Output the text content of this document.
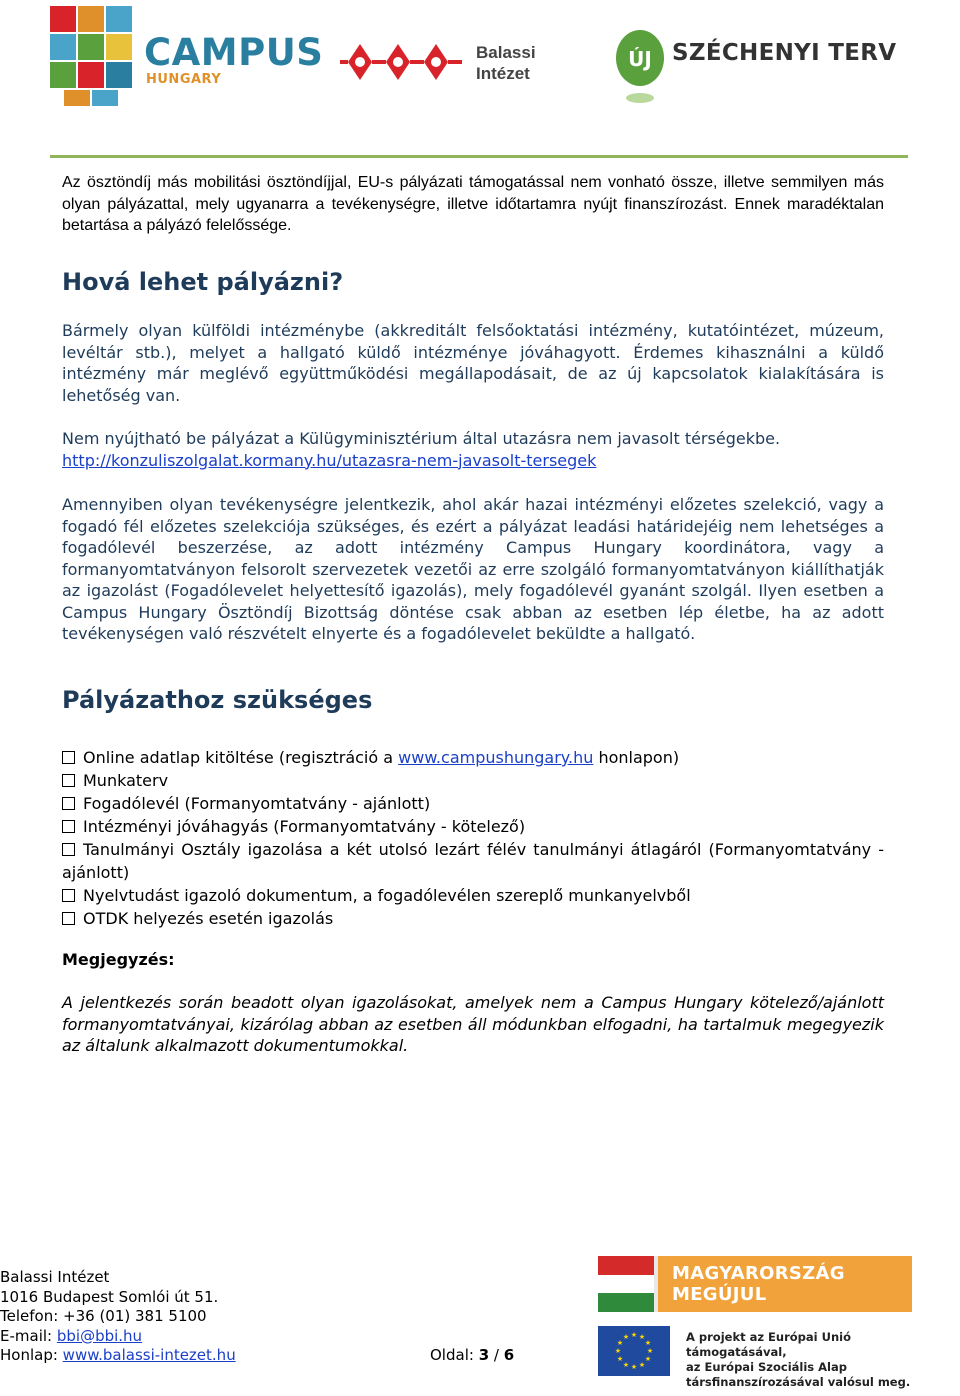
CAMPUS
HUNGARY
Balassi
Intézet
ÚJ SZÉCHENYI TERV

Az ösztöndíj más mobilitási ösztöndíjjal, EU-s pályázati támogatással nem vonható össze, illetve semmilyen más olyan pályázattal, mely ugyanarra a tevékenységre, illetve időtartamra nyújt finanszírozást. Ennek maradéktalan betartása a pályázó felelőssége.

Hová lehet pályázni?

Bármely olyan külföldi intézménybe (akkreditált felsőoktatási intézmény, kutatóintézet, múzeum, levéltár stb.), melyet a hallgató küldő intézménye jóváhagyott. Érdemes kihasználni a küldő intézmény már meglévő együttműködési megállapodásait, de az új kapcsolatok kialakítására is lehetőség van.

Nem nyújtható be pályázat a Külügyminisztérium által utazásra nem javasolt térségekbe.
http://konzuliszolgalat.kormany.hu/utazasra-nem-javasolt-tersegek

Amennyiben olyan tevékenységre jelentkezik, ahol akár hazai intézményi előzetes szelekció, vagy a fogadó fél előzetes szelekciója szükséges, és ezért a pályázat leadási határidejéig nem lehetséges a fogadólevél beszerzése, az adott intézmény Campus Hungary koordinátora, vagy a formanyomtatványon felsorolt szervezetek vezetői az erre szolgáló formanyomtatványon kiállíthatják az igazolást (Fogadólevelet helyettesítő igazolás), mely fogadólevél gyanánt szolgál. Ilyen esetben a Campus Hungary Ösztöndíj Bizottság döntése csak abban az esetben lép életbe, ha az adott tevékenységen való részvételt elnyerte és a fogadólevelet beküldte a hallgató.

Pályázathoz szükséges
Online adatlap kitöltése (regisztráció a www.campushungary.hu honlapon)
Munkaterv
Fogadólevél (Formanyomtatvány - ajánlott)
Intézményi jóváhagyás (Formanyomtatvány - kötelező)
Tanulmányi Osztály igazolása a két utolsó lezárt félév tanulmányi átlagáról (Formanyomtatvány - ajánlott)
Nyelvtudást igazoló dokumentum, a fogadólevélen szereplő munkanyelvből
OTDK helyezés esetén igazolás
Megjegyzés:

A jelentkezés során beadott olyan igazolásokat, amelyek nem a Campus Hungary kötelező/ajánlott formanyomtatványai, kizárólag abban az esetben áll módunkban elfogadni, ha tartalmuk megegyezik az általunk alkalmazott dokumentumokkal.

Balassi Intézet
1016 Budapest Somlói út 51.
Telefon: +36 (01) 381 5100
E-mail: bbi@bbi.hu
Honlap: www.balassi-intezet.hu	Oldal: 3 / 6
MAGYARORSZÁG MEGÚJUL
★ ★
★
★
★
★
★
★
★
★
★
★	A projekt az Európai Unió támogatásával,
az Európai Szociális Alap
társfinanszírozásával valósul meg.
